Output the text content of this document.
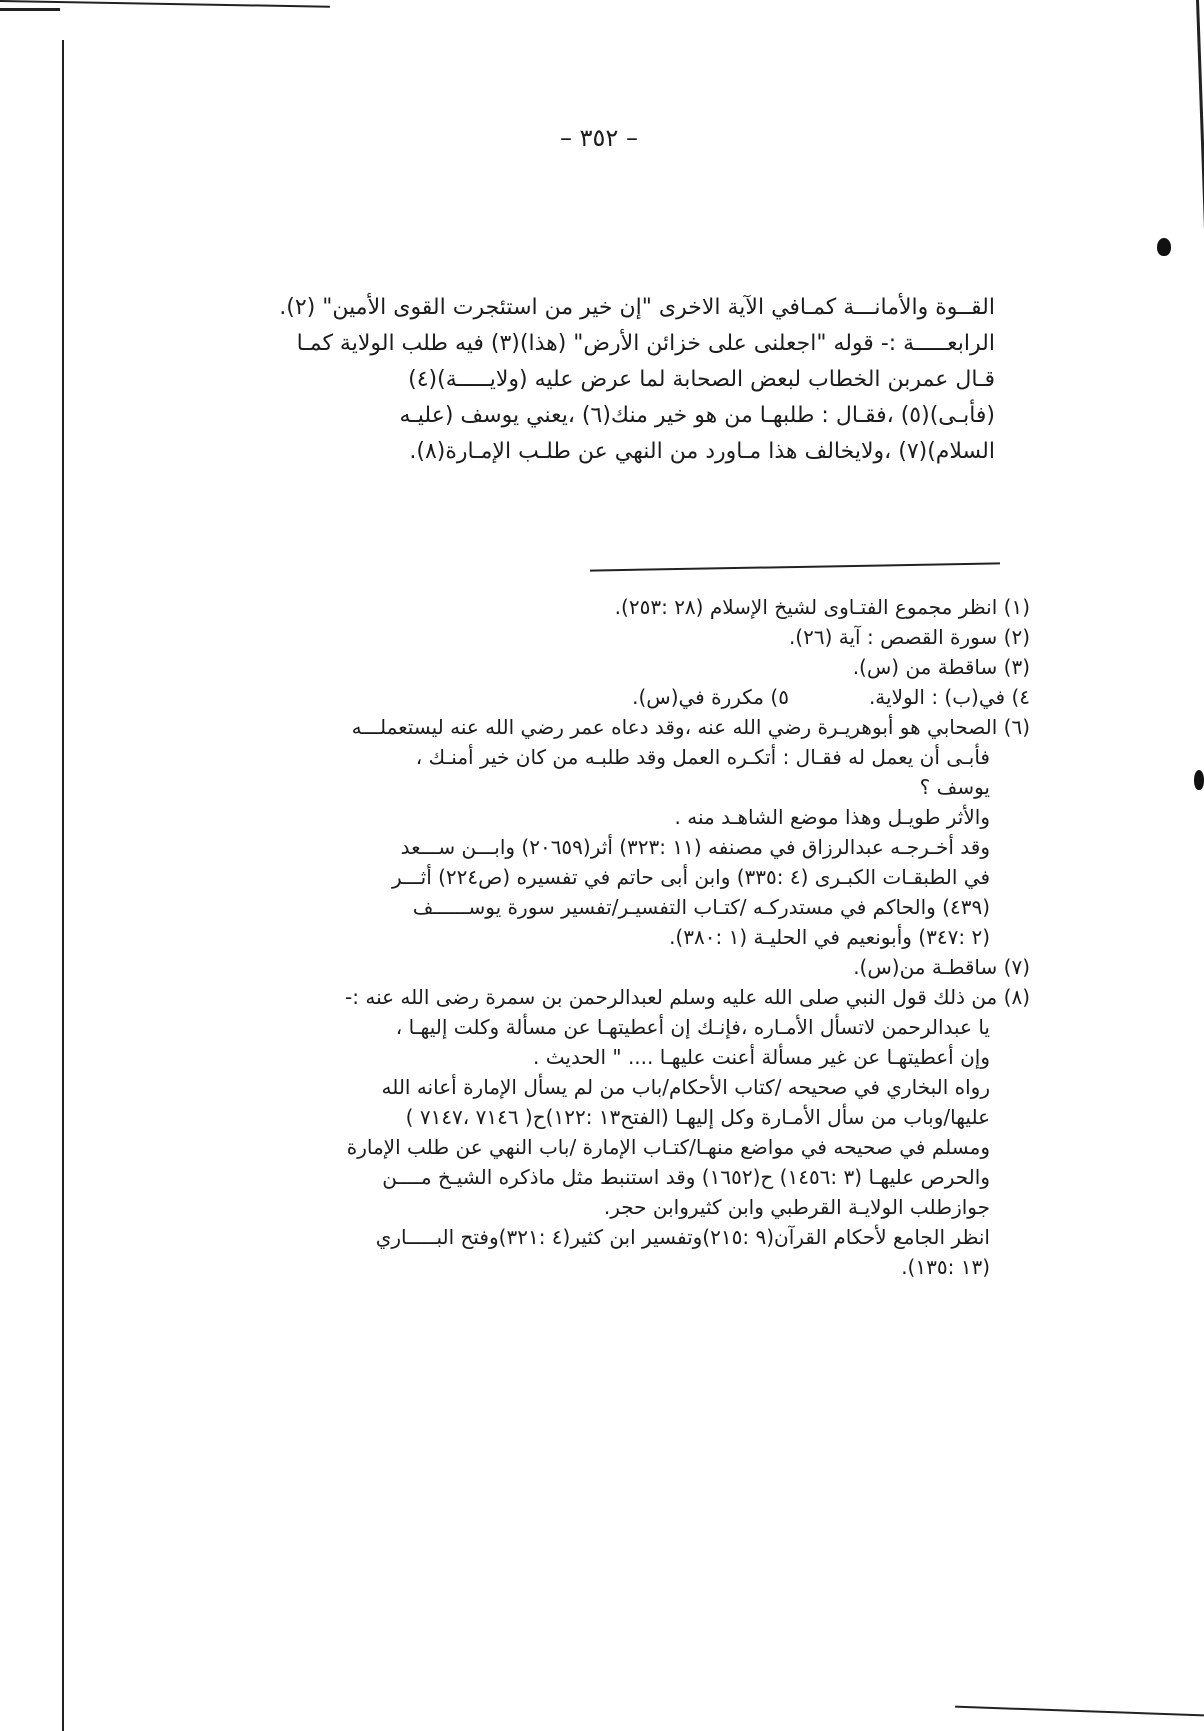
– ٣٥٢ –
القــوة والأمانـــة كمـافي الآية الاخرى "إن خير من استئجرت القوى الأمين" (٢).
الرابعـــــة :- قوله "اجعلنى على خزائن الأرض" (هذا)(٣) فيه طلب الولاية كمـا
قـال عمربن الخطاب لبعض الصحابة لما عرض عليه (ولايـــــة)(٤)
(فأبـى)(٥) ،فقـال : طلبهـا من هو خير منك(٦) ،يعني يوسف (عليـه
السلام)(٧) ،ولايخالف هذا مـاورد من النهي عن طلـب الإمـارة(٨).
(١) انظر مجموع الفتـاوى لشيخ الإسلام (٢٨ :٢٥٣).
(٢) سورة القصص : آية (٢٦).
(٣) ساقطة من (س).
٤) في(ب) : الولاية.
٥) مكررة في(س).
(٦) الصحابي هو أبوهريـرة رضي الله عنه ،وقد دعاه عمر رضي الله عنه ليستعملـــه
فأبـى أن يعمل له فقـال : أتكـره العمل وقد طلبـه من كان خير أمنـك ،
يوسف ؟
والأثر طويـل وهذا موضع الشاهـد منه .
وقد أخـرجـه عبدالرزاق في مصنفه (١١ :٣٢٣) أثر(٢٠٦٥٩) وابـــن ســـعد
في الطبقـات الكبـرى (٤ :٣٣٥) وابن أبى حاتم في تفسيره (ص٢٢٤) أثـــر
(٤٣٩) والحاكم في مستدركـه /كتـاب التفسيـر/تفسير سورة يوســــــف
(٢ :٣٤٧) وأبونعيم في الحليـة (١ :٣٨٠).
(٧) ساقطـة من(س).
(٨) من ذلك قول النبي صلى الله عليه وسلم لعبدالرحمن بن سمرة رضى الله عنه :-
يا عبدالرحمن لاتسأل الأمـاره ،فإنـك إن أعطيتهـا عن مسألة وكلت إليهـا ،
وإن أعطيتهـا عن غير مسألة أعنت عليهـا .... " الحديث .
رواه البخاري في صحيحه /كتاب الأحكام/باب من لم يسأل الإمارة أعانه الله
عليها/وباب من سأل الأمـارة وكل إليهـا (الفتح١٣ :١٢٢)ح( ٧١٤٦ ،٧١٤٧ )
ومسلم في صحيحه في مواضع منهـا/كتـاب الإمارة /باب النهي عن طلب الإمارة
والحرص عليهـا (٣ :١٤٥٦) ح(١٦٥٢) وقد استنبط مثل ماذكره الشيـخ مــــن
جوازطلب الولايـة القرطبي وابن كثيروابن حجر.
انظر الجامع لأحكام القرآن(٩ :٢١٥)وتفسير ابن كثير(٤ :٣٢١)وفتح البـــــاري
(١٣ :١٣٥).
